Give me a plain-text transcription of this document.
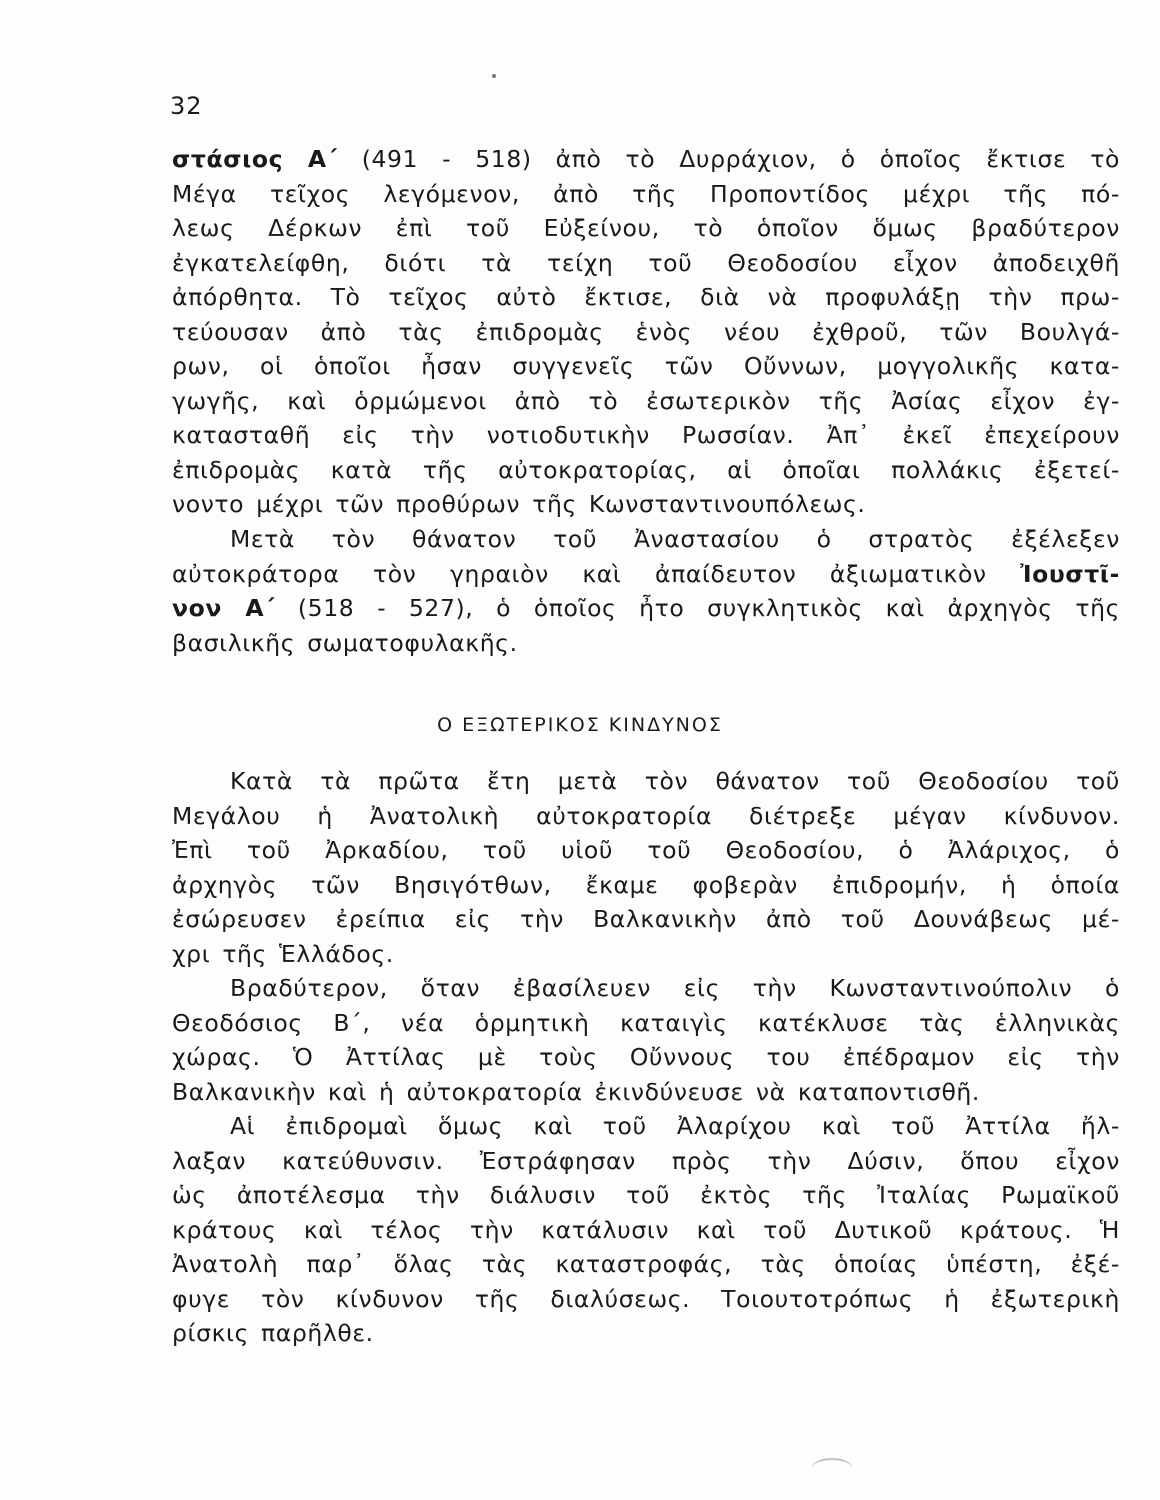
32
στάσιος Α΄ (491 - 518) ἀπὸ τὸ Δυρράχιον, ὁ ὁποῖος ἔκτισε τὸ
Μέγα τεῖχος λεγόμενον, ἀπὸ τῆς Προποντίδος μέχρι τῆς πό-
λεως Δέρκων ἐπὶ τοῦ Εὐξείνου, τὸ ὁποῖον ὅμως βραδύτερον
ἐγκατελείφθη, διότι τὰ τείχη τοῦ Θεοδοσίου εἶχον ἀποδειχθῆ
ἀπόρθητα. Τὸ τεῖχος αὐτὸ ἔκτισε, διὰ νὰ προφυλάξῃ τὴν πρω-
τεύουσαν ἀπὸ τὰς ἐπιδρομὰς ἑνὸς νέου ἐχθροῦ, τῶν Βουλγά-
ρων, οἱ ὁποῖοι ἦσαν συγγενεῖς τῶν Οὔννων, μογγολικῆς κατα-
γωγῆς, καὶ ὁρμώμενοι ἀπὸ τὸ ἐσωτερικὸν τῆς Ἀσίας εἶχον ἐγ-
κατασταθῆ εἰς τὴν νοτιοδυτικὴν Ρωσσίαν. Ἀπ᾽ ἐκεῖ ἐπεχείρουν
ἐπιδρομὰς κατὰ τῆς αὐτοκρατορίας, αἱ ὁποῖαι πολλάκις ἐξετεί-
νοντο μέχρι τῶν προθύρων τῆς Κωνσταντινουπόλεως.
Μετὰ τὸν θάνατον τοῦ Ἀναστασίου ὁ στρατὸς ἐξέλεξεν
αὐτοκράτορα τὸν γηραιὸν καὶ ἀπαίδευτον ἀξιωματικὸν Ἰουστῖ-
νον Α΄ (518 - 527), ὁ ὁποῖος ἦτο συγκλητικὸς καὶ ἀρχηγὸς τῆς
βασιλικῆς σωματοφυλακῆς.
Ο ΕΞΩΤΕΡΙΚΟΣ ΚΙΝΔΥΝΟΣ
Κατὰ τὰ πρῶτα ἔτη μετὰ τὸν θάνατον τοῦ Θεοδοσίου τοῦ
Μεγάλου ἡ Ἀνατολικὴ αὐτοκρατορία διέτρεξε μέγαν κίνδυνον.
Ἐπὶ τοῦ Ἀρκαδίου, τοῦ υἱοῦ τοῦ Θεοδοσίου, ὁ Ἀλάριχος, ὁ
ἀρχηγὸς τῶν Βησιγότθων, ἔκαμε φοβερὰν ἐπιδρομήν, ἡ ὁποία
ἐσώρευσεν ἐρείπια εἰς τὴν Βαλκανικὴν ἀπὸ τοῦ Δουνάβεως μέ-
χρι τῆς Ἑλλάδος.
Βραδύτερον, ὅταν ἐβασίλευεν εἰς τὴν Κωνσταντινούπολιν ὁ
Θεοδόσιος Β΄, νέα ὁρμητικὴ καταιγὶς κατέκλυσε τὰς ἑλληνικὰς
χώρας. Ὁ Ἀττίλας μὲ τοὺς Οὔννους του ἐπέδραμον εἰς τὴν
Βαλκανικὴν καὶ ἡ αὐτοκρατορία ἐκινδύνευσε νὰ καταποντισθῆ.
Αἱ ἐπιδρομαὶ ὅμως καὶ τοῦ Ἀλαρίχου καὶ τοῦ Ἀττίλα ἤλ-
λαξαν κατεύθυνσιν. Ἐστράφησαν πρὸς τὴν Δύσιν, ὅπου εἶχον
ὡς ἀποτέλεσμα τὴν διάλυσιν τοῦ ἐκτὸς τῆς Ἰταλίας Ρωμαϊκοῦ
κράτους καὶ τέλος τὴν κατάλυσιν καὶ τοῦ Δυτικοῦ κράτους. Ἡ
Ἀνατολὴ παρ᾽ ὅλας τὰς καταστροφάς, τὰς ὁποίας ὑπέστη, ἐξέ-
φυγε τὸν κίνδυνον τῆς διαλύσεως. Τοιουτοτρόπως ἡ ἐξωτερικὴ
ρίσκις παρῆλθε.
